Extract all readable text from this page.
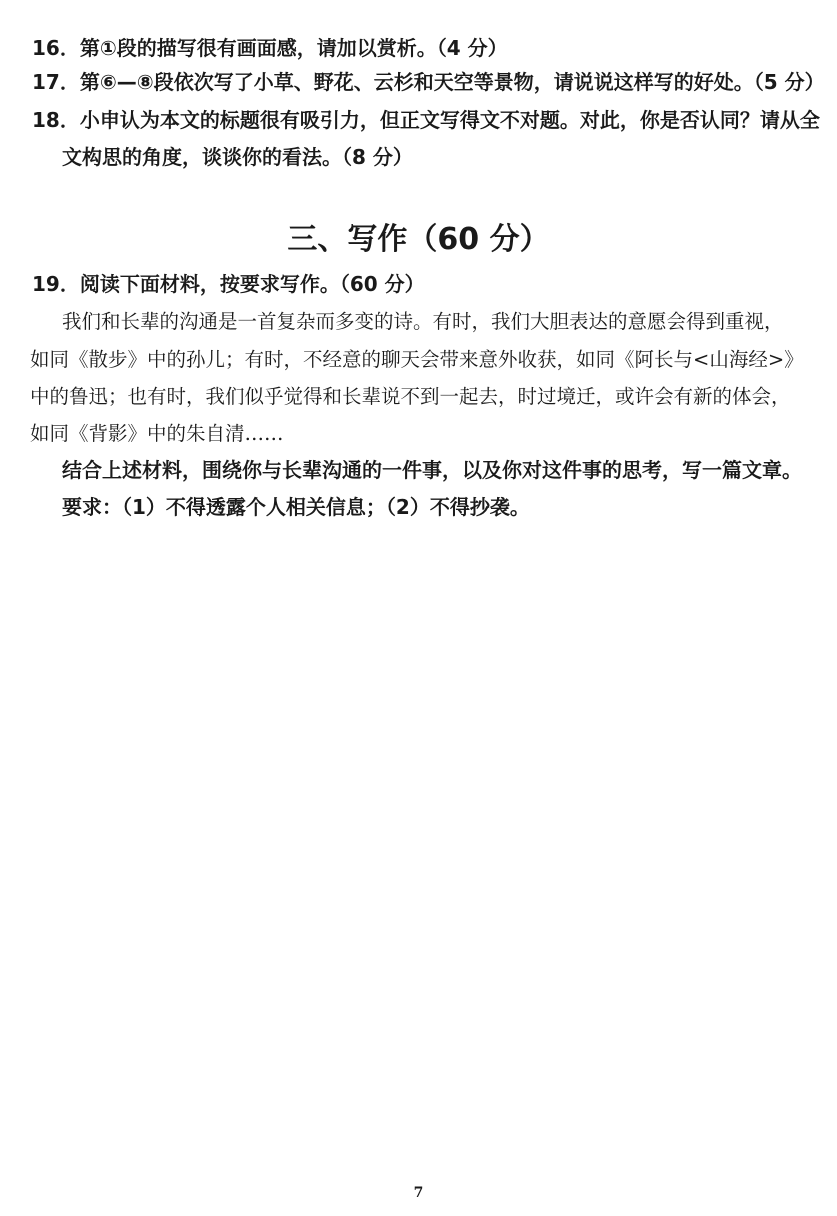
16．第①段的描写很有画面感，请加以赏析。（4 分）
17．第⑥—⑧段依次写了小草、野花、云杉和天空等景物，请说说这样写的好处。（5 分）
18．小申认为本文的标题很有吸引力，但正文写得文不对题。对此，你是否认同？请从全
文构思的角度，谈谈你的看法。（8 分）
三、写作（60 分）
19．阅读下面材料，按要求写作。（60 分）
我们和长辈的沟通是一首复杂而多变的诗。有时，我们大胆表达的意愿会得到重视，
如同《散步》中的孙儿；有时，不经意的聊天会带来意外收获，如同《阿长与<山海经>》
中的鲁迅；也有时，我们似乎觉得和长辈说不到一起去，时过境迁，或许会有新的体会，
如同《背影》中的朱自清……
结合上述材料，围绕你与长辈沟通的一件事，以及你对这件事的思考，写一篇文章。
要求：（1）不得透露个人相关信息；（2）不得抄袭。
7
